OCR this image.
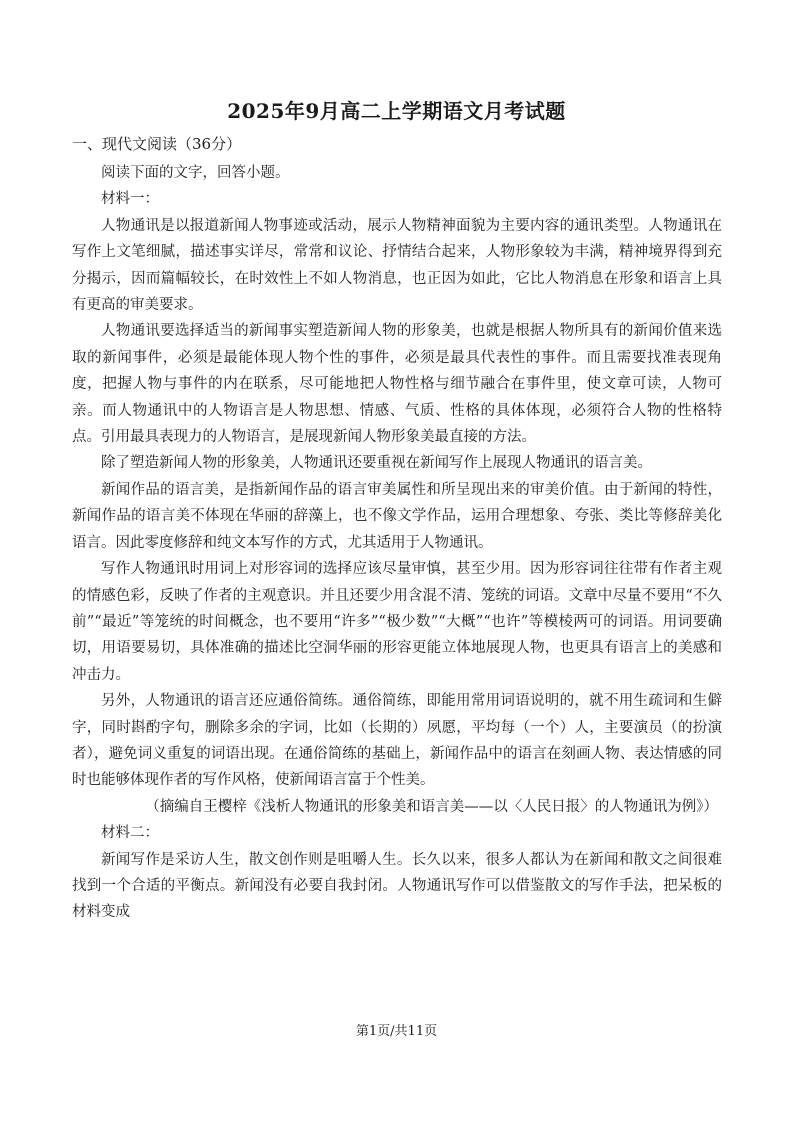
2025年9月高二上学期语文月考试题
一、现代文阅读（36分）

阅读下面的文字，回答小题。

材料一：

人物通讯是以报道新闻人物事迹或活动，展示人物精神面貌为主要内容的通讯类型。人物通讯在写作上文笔细腻，描述事实详尽，常常和议论、抒情结合起来，人物形象较为丰满，精神境界得到充分揭示，因而篇幅较长，在时效性上不如人物消息，也正因为如此，它比人物消息在形象和语言上具有更高的审美要求。

人物通讯要选择适当的新闻事实塑造新闻人物的形象美，也就是根据人物所具有的新闻价值来选取的新闻事件，必须是最能体现人物个性的事件，必须是最具代表性的事件。而且需要找准表现角度，把握人物与事件的内在联系，尽可能地把人物性格与细节融合在事件里，使文章可读，人物可亲。而人物通讯中的人物语言是人物思想、情感、气质、性格的具体体现，必须符合人物的性格特点。引用最具表现力的人物语言，是展现新闻人物形象美最直接的方法。

除了塑造新闻人物的形象美，人物通讯还要重视在新闻写作上展现人物通讯的语言美。

新闻作品的语言美，是指新闻作品的语言审美属性和所呈现出来的审美价值。由于新闻的特性，新闻作品的语言美不体现在华丽的辞藻上，也不像文学作品，运用合理想象、夸张、类比等修辞美化语言。因此零度修辞和纯文本写作的方式，尤其适用于人物通讯。

写作人物通讯时用词上对形容词的选择应该尽量审慎，甚至少用。因为形容词往往带有作者主观的情感色彩，反映了作者的主观意识。并且还要少用含混不清、笼统的词语。文章中尽量不要用“不久前”“最近”等笼统的时间概念，也不要用“许多”“极少数”“大概”“也许”等模棱两可的词语。用词要确切，用语要易切，具体准确的描述比空洞华丽的形容更能立体地展现人物，也更具有语言上的美感和冲击力。

另外，人物通讯的语言还应通俗简练。通俗简练，即能用常用词语说明的，就不用生疏词和生僻字，同时斟酌字句，删除多余的字词，比如（长期的）夙愿，平均每（一个）人，主要演员（的扮演者），避免词义重复的词语出现。在通俗简练的基础上，新闻作品中的语言在刻画人物、表达情感的同时也能够体现作者的写作风格，使新闻语言富于个性美。

（摘编自王樱梓《浅析人物通讯的形象美和语言美——以〈人民日报〉的人物通讯为例》）

材料二：

新闻写作是采访人生，散文创作则是咀嚼人生。长久以来，很多人都认为在新闻和散文之间很难找到一个合适的平衡点。新闻没有必要自我封闭。人物通讯写作可以借鉴散文的写作手法，把呆板的材料变成

第1页/共11页
